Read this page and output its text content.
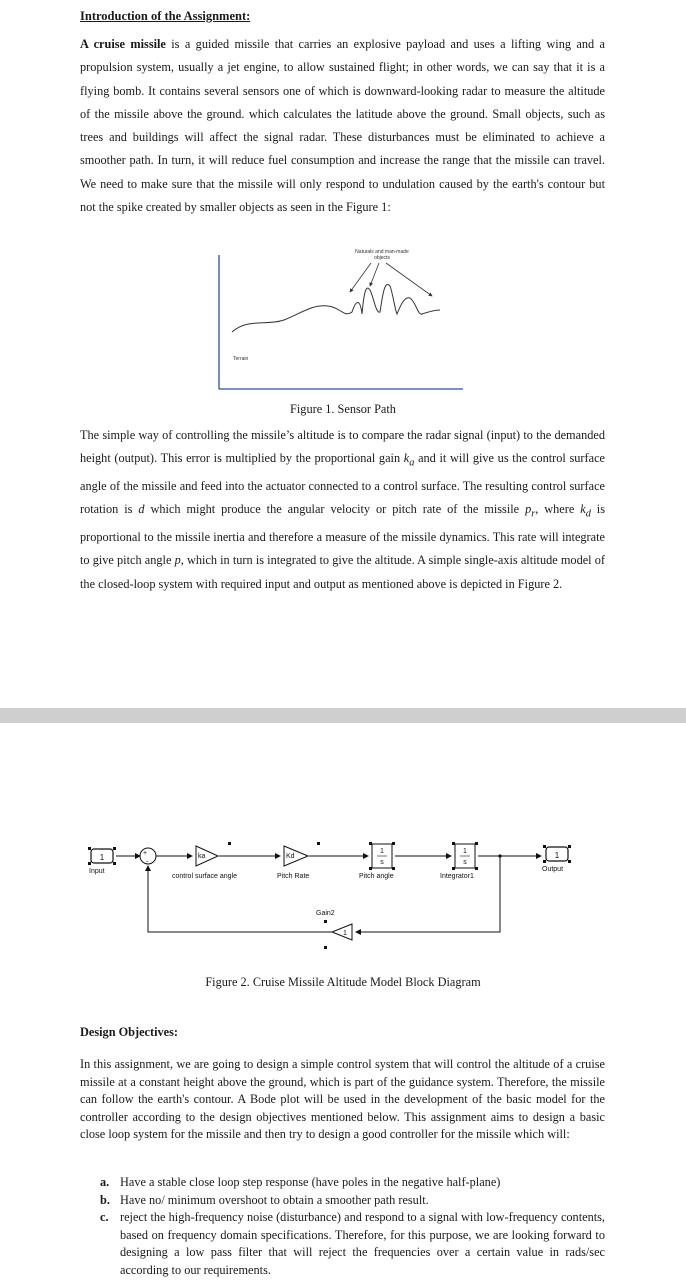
Introduction of the Assignment:

A cruise missile is a guided missile that carries an explosive payload and uses a lifting wing and a propulsion system, usually a jet engine, to allow sustained flight; in other words, we can say that it is a flying bomb. It contains several sensors one of which is downward-looking radar to measure the altitude of the missile above the ground. which calculates the latitude above the ground. Small objects, such as trees and buildings will affect the signal radar. These disturbances must be eliminated to achieve a smoother path. In turn, it will reduce fuel consumption and increase the range that the missile can travel. We need to make sure that the missile will only respond to undulation caused by the earth's contour but not the spike created by smaller objects as seen in the Figure 1:

Naturals and man-made
objects
Terrain

Figure 1. Sensor Path

The simple way of controlling the missile’s altitude is to compare the radar signal (input) to the demanded height (output). This error is multiplied by the proportional gain $k_a$ and it will give us the control surface angle of the missile and feed into the actuator connected to a control surface. The resulting control surface rotation is d which might produce the angular velocity or pitch rate of the missile $p_r$, where $k_d$ is proportional to the missile inertia and therefore a measure of the missile dynamics. This rate will integrate to give pitch angle p, which in turn is integrated to give the altitude. A simple single-axis altitude model of the closed-loop system with required input and output as mentioned above is depicted in Figure 2.

1
Input
+
-
ka
control surface angle
Kd
Pitch Rate
1
s
Pitch angle
1
s
Integrator1
1
Output
1
Gain2

Figure 2. Cruise Missile Altitude Model Block Diagram

Design Objectives:

In this assignment, we are going to design a simple control system that will control the altitude of a cruise missile at a constant height above the ground, which is part of the guidance system. Therefore, the missile can follow the earth's contour. A Bode plot will be used in the development of the basic model for the controller according to the design objectives mentioned below. This assignment aims to design a basic close loop system for the missile and then try to design a good controller for the missile which will:

a. Have a stable close loop step response (have poles in the negative half-plane)
b. Have no/ minimum overshoot to obtain a smoother path result.
c. reject the high-frequency noise (disturbance) and respond to a signal with low-frequency contents, based on frequency domain specifications. Therefore, for this purpose, we are looking forward to designing a low pass filter that will reject the frequencies over a certain value in rads/sec according to our requirements.
